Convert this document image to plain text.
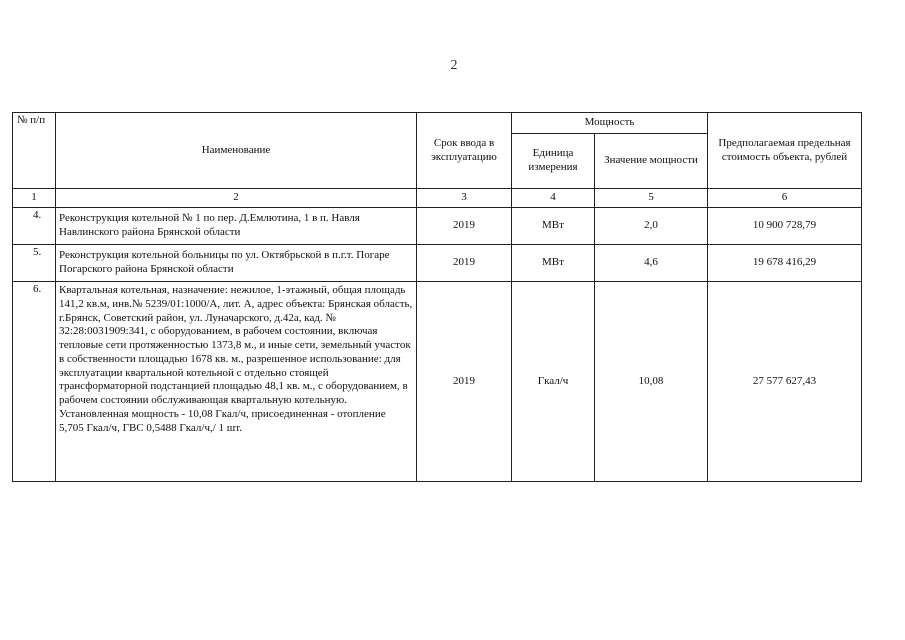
2
№ п/п	Наименование	Срок ввода в эксплуатацию	Мощность		Предполагаемая предельная стоимость объекта, рублей
			Единица измерения	Значение мощности	
1	2	3	4	5	6
4.	Реконструкция котельной № 1 по пер. Д.Емлютина, 1 в п. Навля Навлинского района Брянской области	2019	МВт	2,0	10 900 728,79
5.	Реконструкция котельной больницы по ул. Октябрьской в п.г.т. Погаре Погарского района Брянской области	2019	МВт	4,6	19 678 416,29
6.	Квартальная котельная, назначение: нежилое, 1-этажный, общая площадь 141,2 кв.м, инв.№ 5239/01:1000/А, лит. А, адрес объекта: Брянская область, г.Брянск, Советский район, ул. Луначарского, д.42а, кад. № 32:28:0031909:341, с оборудованием, в рабочем состоянии, включая тепловые сети протяженностью 1373,8 м., и иные сети, земельный участок в собственности площадью 1678 кв. м., разрешенное использование: для эксплуатации квартальной котельной с отдельно стоящей трансформаторной подстанцией площадью 48,1 кв. м., с оборудованием, в рабочем состоянии обслуживающая квартальную котельную. Установленная мощность - 10,08 Гкал/ч, присоединенная - отопление 5,705 Гкал/ч, ГВС 0,5488 Гкал/ч,/ 1 шт.	2019	Гкал/ч	10,08	27 577 627,43
